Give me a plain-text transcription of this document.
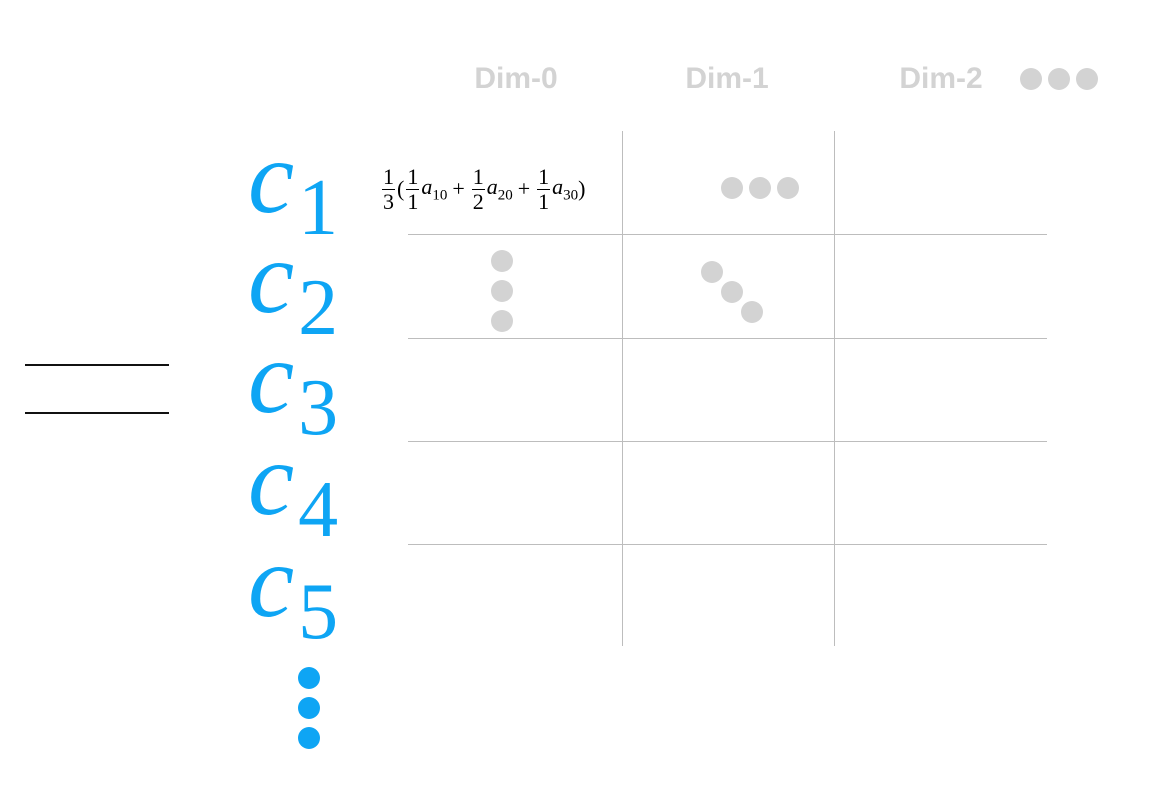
Dim-0	Dim-1	Dim-2
$c_1$
$c_2$
$c_3$
$c_4$
$c_5$
$\frac{1}{3}$ ( $\frac{1}{1} a_{10} + \frac{1}{2} a_{20} + \frac{1}{1} a_{30}$ )
